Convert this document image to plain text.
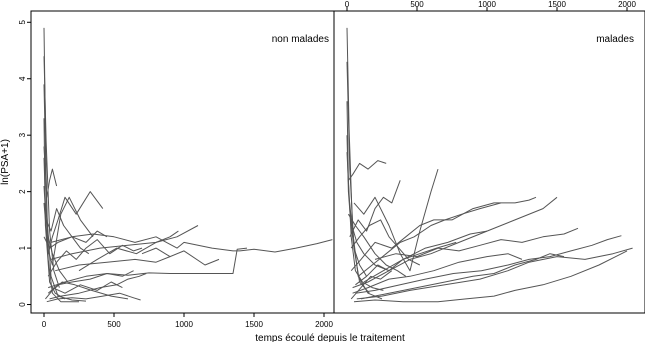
non malades
0
1
2
3
4
5
0	500	1000	1500	2000
malades
0	500	1000	1500	2000
temps écoulé depuis le traitement
ln(PSA+1)
